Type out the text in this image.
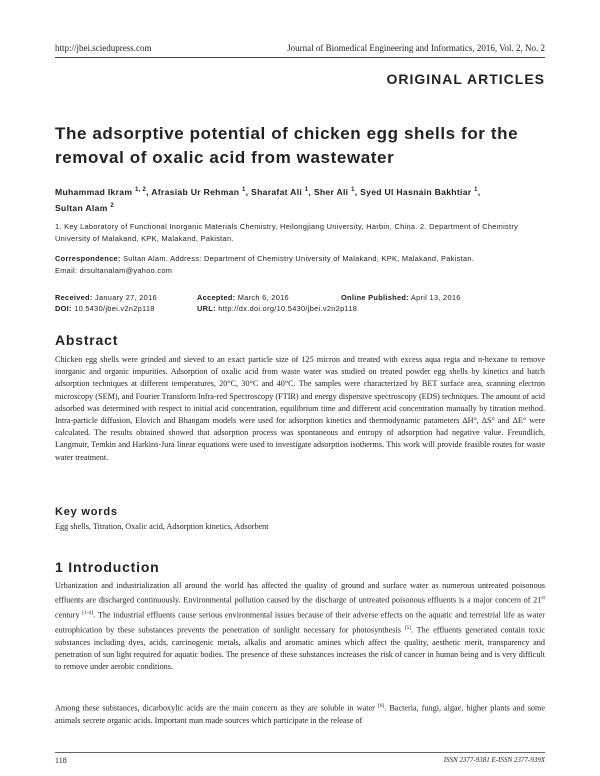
http://jbei.sciedupress.com	Journal of Biomedical Engineering and Informatics, 2016, Vol. 2, No. 2
ORIGINAL ARTICLES
The adsorptive potential of chicken egg shells for the removal of oxalic acid from wastewater
Muhammad Ikram $^{1, 2}$, Afrasiab Ur Rehman $^1$, Sharafat Ali $^1$, Sher Ali $^1$, Syed Ul Hasnain Bakhtiar $^1$,
Sultan Alam $^2$
1. Key Laboratory of Functional Inorganic Materials Chemistry, Heilongjiang University, Harbin, China. 2. Department of Chemistry University of Malakand, KPK, Malakand, Pakistan.
Correspondence: Sultan Alam. Address: Department of Chemistry University of Malakand, KPK, Malakand, Pakistan.
Email: drsultanalam@yahoo.com
Received: January 27, 2016	Accepted: March 6, 2016	Online Published: April 13, 2016
DOI: 10.5430/jbei.v2n2p118	URL: http://dx.doi.org/10.5430/jbei.v2n2p118
Abstract
Chicken egg shells were grinded and sieved to an exact particle size of 125 micron and treated with excess aqua regia and n-hexane to remove inorganic and organic impurities. Adsorption of oxalic acid from waste water was studied on treated powder egg shells by kinetics and batch adsorption techniques at different temperatures, 20°C, 30°C and 40°C. The samples were characterized by BET surface area, scanning electron microscopy (SEM), and Fourier Transform Infra-red Spectroscopy (FTIR) and energy dispersive spectroscopy (EDS) techniques. The amount of acid adsorbed was determined with respect to initial acid concentration, equilibrium time and different acid concentration manually by titration method. Intra-particle diffusion, Elovich and Bhangam models were used for adsorption kinetics and thermodynamic parameters ΔH°, ΔS° and ΔE° were calculated. The results obtained showed that adsorption process was spontaneous and entropy of adsorption had negative value. Freundlich, Langmuir, Temkin and Harkins-Jura linear equations were used to investigate adsorption isotherms. This work will provide feasible routes for waste water treatment.
Key words
Egg shells, Titration, Oxalic acid, Adsorption kinetics, Adsorbent
1 Introduction
Urbanization and industrialization all around the world has affected the quality of ground and surface water as numerous untreated poisonous effluents are discharged continuously. Environmental pollution caused by the discharge of untreated poisonous effluents is a major concern of 21st century [1-4]. The industrial effluents cause serious environmental issues because of their adverse effects on the aquatic and terrestrial life as water eutrophication by these substances prevents the penetration of sunlight necessary for photosynthesis [5]. The effluents generated contain toxic substances including dyes, acids, carcinogenic metals, alkalis and aromatic amines which affect the quality, aesthetic merit, transparency and penetration of sun light required for aquatic bodies. The presence of these substances increases the risk of cancer in human being and is very difficult to remove under aerobic conditions.
Among these substances, dicarboxylic acids are the main concern as they are soluble in water [6]. Bacteria, fungi, algae, higher plants and some animals secrete organic acids. Important man made sources which participate in the release of
118	ISSN 2377-9381 E-ISSN 2377-939X
